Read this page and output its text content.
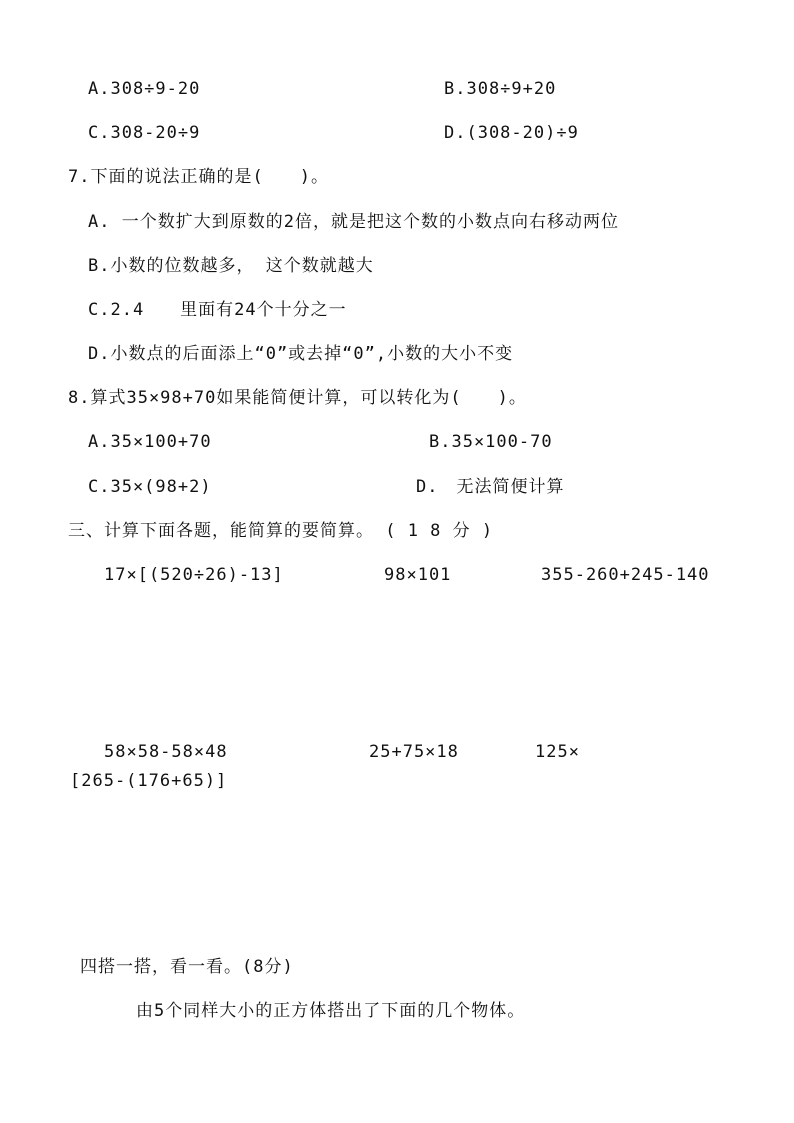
A.308÷9-20	B.308÷9+20
C.308-20÷9	D.(308-20)÷9
7.下面的说法正确的是(　　)。
A. 一个数扩大到原数的2倍，就是把这个数的小数点向右移动两位
B.小数的位数越多， 这个数就越大
C.2.4　　里面有24个十分之一
D.小数点的后面添上“0”或去掉“0”,小数的大小不变
8.算式35×98+70如果能简便计算，可以转化为(　　)。
A.35×100+70	B.35×100-70
C.35×(98+2)	D.　无法简便计算
三、计算下面各题，能简算的要简算。 ( 1 8 分 )
17×[(520÷26)-13]	98×101	355-260+245-140
58×58-58×48	25+75×18	125×
[265-(176+65)]
四搭一搭，看一看。(8分)
由5个同样大小的正方体搭出了下面的几个物体。
